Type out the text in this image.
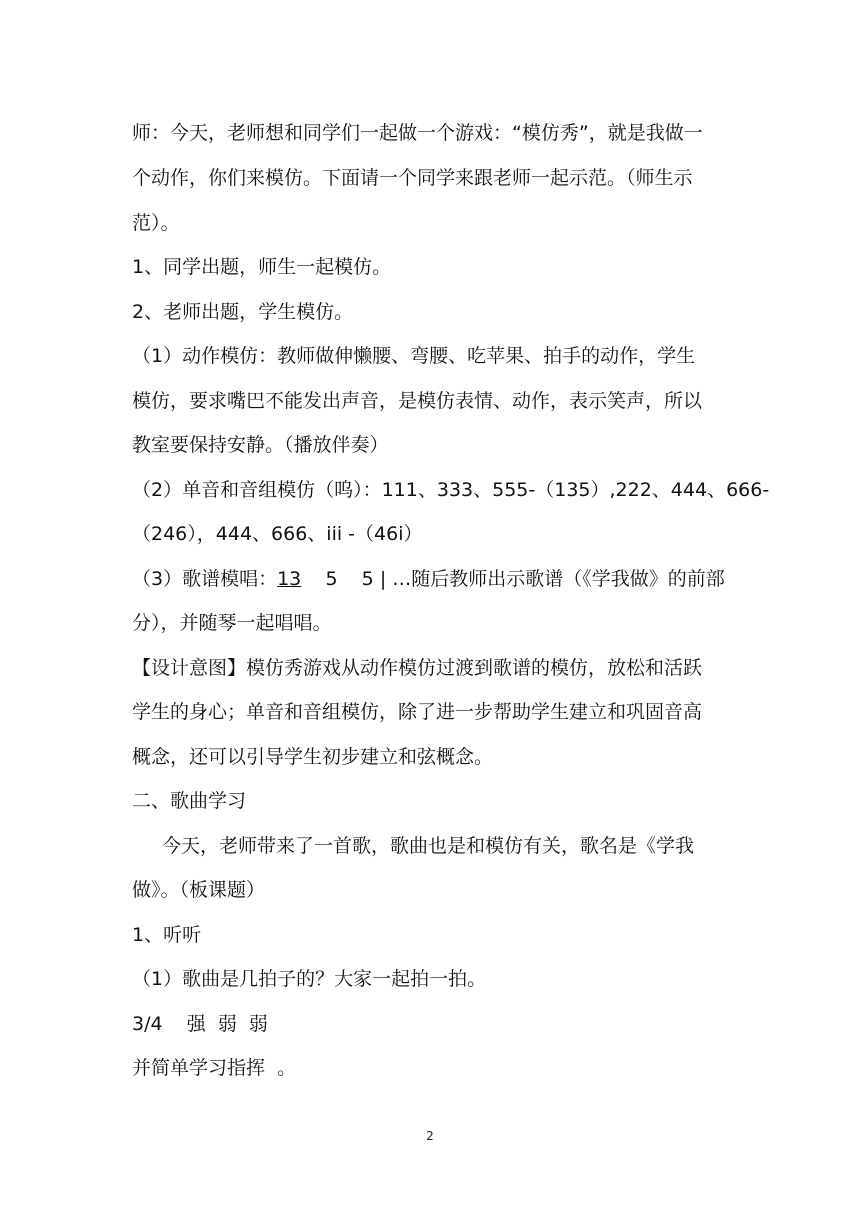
师：今天，老师想和同学们一起做一个游戏：“模仿秀”，就是我做一
个动作，你们来模仿。下面请一个同学来跟老师一起示范。（师生示
范）。
1、同学出题，师生一起模仿。
2、老师出题，学生模仿。
（1）动作模仿：教师做伸懒腰、弯腰、吃苹果、拍手的动作，学生
模仿，要求嘴巴不能发出声音，是模仿表情、动作，表示笑声，所以
教室要保持安静。（播放伴奏）
（2）单音和音组模仿（呜）：111、333、555-（135）,222、444、666-
（246），444、666、iii -（46i）
（3）歌谱模唱：13    5    5 | …随后教师出示歌谱（《学我做》的前部
分），并随琴一起唱唱。
【设计意图】模仿秀游戏从动作模仿过渡到歌谱的模仿，放松和活跃
学生的身心；单音和音组模仿，除了进一步帮助学生建立和巩固音高
概念，还可以引导学生初步建立和弦概念。
二、歌曲学习
今天，老师带来了一首歌，歌曲也是和模仿有关，歌名是《学我
做》。（板课题）
1、听听
（1）歌曲是几拍子的？大家一起拍一拍。
3/4    强  弱  弱
并简单学习指挥  。
2
